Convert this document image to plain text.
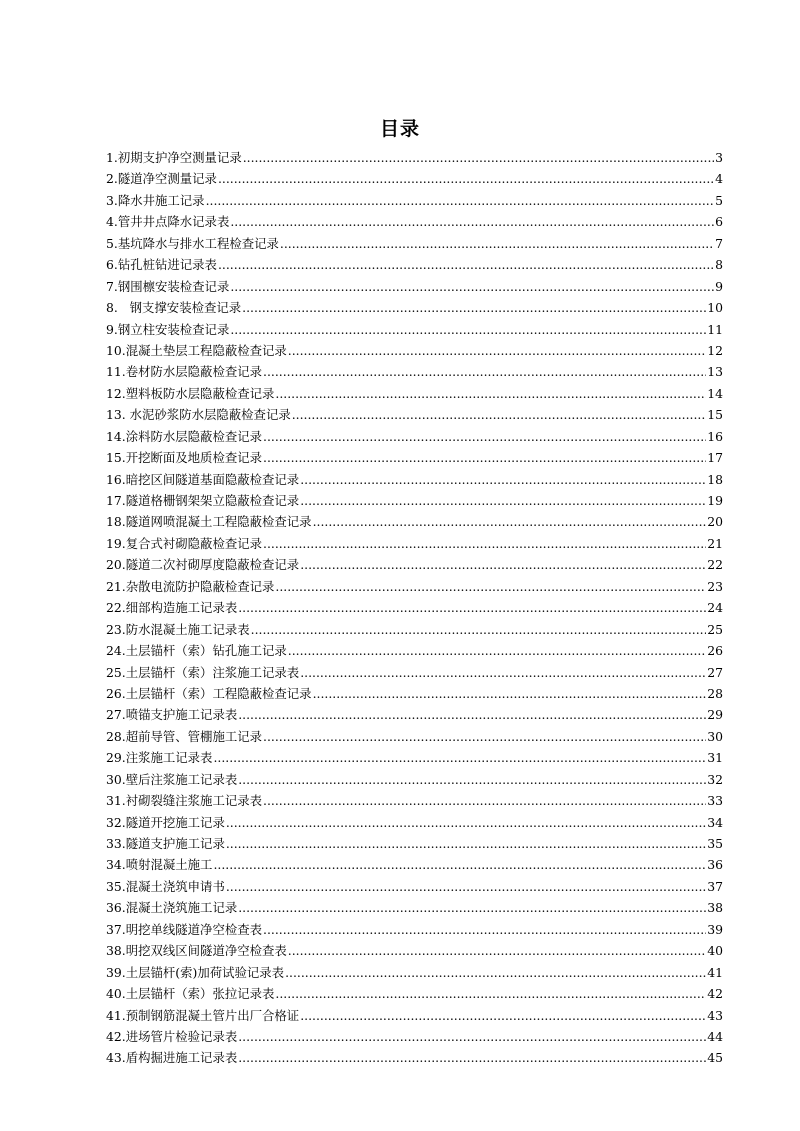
目录
1.初期支护净空测量记录 .....	3
2.隧道净空测量记录 .....	4
3.降水井施工记录 .....	5
4.管井井点降水记录表 .....	6
5.基坑降水与排水工程检查记录 .....	7
6.钻孔桩钻进记录表 .....	8
7.钢围檩安装检查记录 .....	9
8.   钢支撑安装检查记录 .....	10
9.钢立柱安装检查记录 .....	11
10.混凝土垫层工程隐蔽检查记录 .....	12
11.卷材防水层隐蔽检查记录 .....	13
12.塑料板防水层隐蔽检查记录 .....	14
13. 水泥砂浆防水层隐蔽检查记录 .....	15
14.涂料防水层隐蔽检查记录 .....	16
15.开挖断面及地质检查记录 .....	17
16.暗挖区间隧道基面隐蔽检查记录 .....	18
17.隧道格栅钢架架立隐蔽检查记录 .....	19
18.隧道网喷混凝土工程隐蔽检查记录 .....	20
19.复合式衬砌隐蔽检查记录 .....	21
20.隧道二次衬砌厚度隐蔽检查记录 .....	22
21.杂散电流防护隐蔽检查记录 .....	23
22.细部构造施工记录表 .....	24
23.防水混凝土施工记录表 .....	25
24.土层锚杆（索）钻孔施工记录 .....	26
25.土层锚杆（索）注浆施工记录表 .....	27
26.土层锚杆（索）工程隐蔽检查记录 .....	28
27.喷锚支护施工记录表 .....	29
28.超前导管、管棚施工记录 .....	30
29.注浆施工记录表 .....	31
30.壁后注浆施工记录表 .....	32
31.衬砌裂缝注浆施工记录表 .....	33
32.隧道开挖施工记录 .....	34
33.隧道支护施工记录 .....	35
34.喷射混凝土施工 .....	36
35.混凝土浇筑申请书 .....	37
36.混凝土浇筑施工记录 .....	38
37.明挖单线隧道净空检查表 .....	39
38.明挖双线区间隧道净空检查表 .....	40
39.土层锚杆(索)加荷试验记录表 .....	41
40.土层锚杆（索）张拉记录表 .....	42
41.预制钢筋混凝土管片出厂合格证 .....	43
42.进场管片检验记录表 .....	44
43.盾构掘进施工记录表 .....	45
